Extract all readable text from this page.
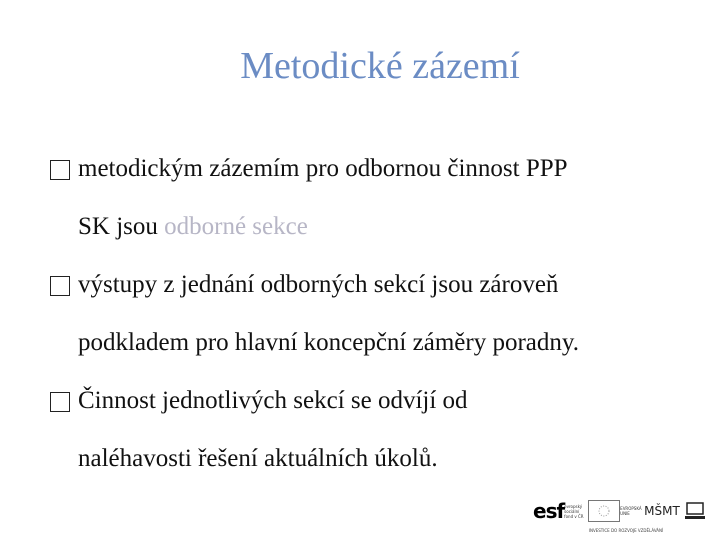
Metodické zázemí
metodickým zázemím pro odbornou činnost PPP
SK jsou odborné sekce
výstupy z jednání odborných sekcí jsou zároveň
podkladem pro hlavní koncepční záměry poradny.
Činnost jednotlivých sekcí se odvíjí od
naléhavosti řešení aktuálních úkolů.
esf evropský sociální fond v ČR
EVROPSKÁ UNIE	MŠMT
INVESTICE DO ROZVOJE VZDĚLÁVÁNÍ
